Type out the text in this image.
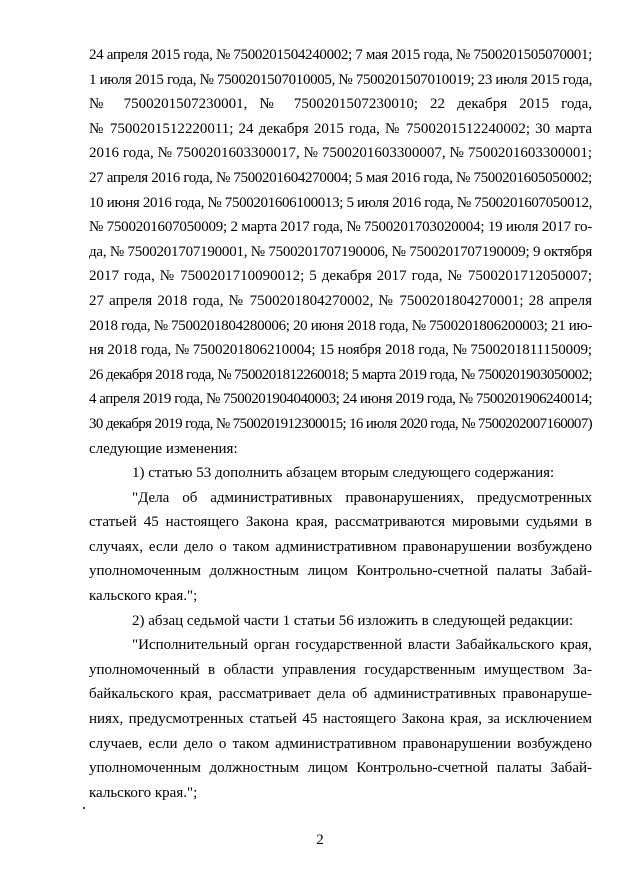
24 апреля 2015 года, № 7500201504240002; 7 мая 2015 года, № 7500201505070001;
1 июля 2015 года, № 7500201507010005, № 7500201507010019; 23 июля 2015 года,
№ 7500201507230001, № 7500201507230010; 22 декабря 2015 года,
№ 7500201512220011; 24 декабря 2015 года, № 7500201512240002; 30 марта
2016 года, № 7500201603300017, № 7500201603300007, № 7500201603300001;
27 апреля 2016 года, № 7500201604270004; 5 мая 2016 года, № 7500201605050002;
10 июня 2016 года, № 7500201606100013; 5 июля 2016 года, № 7500201607050012,
№ 7500201607050009; 2 марта 2017 года, № 7500201703020004; 19 июля 2017 го-
да, № 7500201707190001, № 7500201707190006, № 7500201707190009; 9 октября
2017 года, № 7500201710090012; 5 декабря 2017 года, № 7500201712050007;
27 апреля 2018 года, № 7500201804270002, № 7500201804270001; 28 апреля
2018 года, № 7500201804280006; 20 июня 2018 года, № 7500201806200003; 21 ию-
ня 2018 года, № 7500201806210004; 15 ноября 2018 года, № 7500201811150009;
26 декабря 2018 года, № 7500201812260018; 5 марта 2019 года, № 7500201903050002;
4 апреля 2019 года, № 7500201904040003; 24 июня 2019 года, № 7500201906240014;
30 декабря 2019 года, № 7500201912300015; 16 июля 2020 года, № 7500202007160007)
следующие изменения:
1) статью 53 дополнить абзацем вторым следующего содержания:
"Дела об административных правонарушениях, предусмотренных
статьей 45 настоящего Закона края, рассматриваются мировыми судьями в
случаях, если дело о таком административном правонарушении возбуждено
уполномоченным должностным лицом Контрольно-счетной палаты Забай-
кальского края.";
2) абзац седьмой части 1 статьи 56 изложить в следующей редакции:
"Исполнительный орган государственной власти Забайкальского края,
уполномоченный в области управления государственным имуществом За-
байкальского края, рассматривает дела об административных правонаруше-
ниях, предусмотренных статьей 45 настоящего Закона края, за исключением
случаев, если дело о таком административном правонарушении возбуждено
уполномоченным должностным лицом Контрольно-счетной палаты Забай-
кальского края.";
2
